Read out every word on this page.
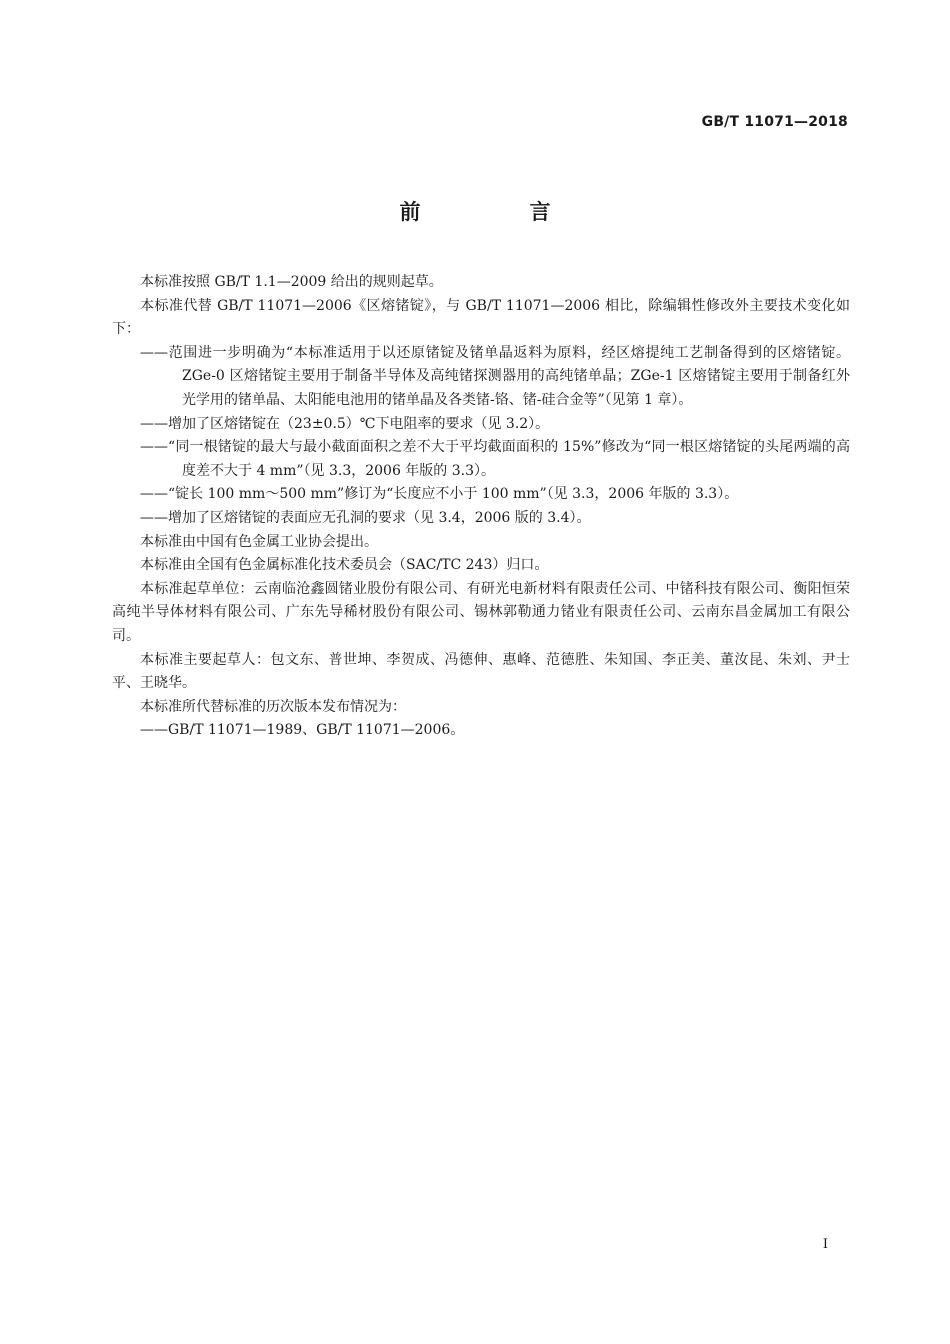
GB/T 11071—2018
前　言

本标准按照 GB/T 1.1—2009 给出的规则起草。

本标准代替 GB/T 11071—2006《区熔锗锭》，与 GB/T 11071—2006 相比，除编辑性修改外主要技术变化如下：

——范围进一步明确为“本标准适用于以还原锗锭及锗单晶返料为原料，经区熔提纯工艺制备得到的区熔锗锭。ZGe-0 区熔锗锭主要用于制备半导体及高纯锗探测器用的高纯锗单晶；ZGe-1 区熔锗锭主要用于制备红外光学用的锗单晶、太阳能电池用的锗单晶及各类锗-铬、锗-硅合金等”（见第 1 章）。

——增加了区熔锗锭在（23±0.5）℃下电阻率的要求（见 3.2）。

——“同一根锗锭的最大与最小截面面积之差不大于平均截面面积的 15%”修改为“同一根区熔锗锭的头尾两端的高度差不大于 4 mm”（见 3.3，2006 年版的 3.3）。

——“锭长 100 mm～500 mm”修订为“长度应不小于 100 mm”（见 3.3，2006 年版的 3.3）。

——增加了区熔锗锭的表面应无孔洞的要求（见 3.4，2006 版的 3.4）。

本标准由中国有色金属工业协会提出。

本标准由全国有色金属标准化技术委员会（SAC/TC 243）归口。

本标准起草单位：云南临沧鑫圆锗业股份有限公司、有研光电新材料有限责任公司、中锗科技有限公司、衡阳恒荣高纯半导体材料有限公司、广东先导稀材股份有限公司、锡林郭勒通力锗业有限责任公司、云南东昌金属加工有限公司。

本标准主要起草人：包文东、普世坤、李贺成、冯德伸、惠峰、范德胜、朱知国、李正美、董汝昆、朱刘、尹士平、王晓华。

本标准所代替标准的历次版本发布情况为：

——GB/T 11071—1989、GB/T 11071—2006。

I
